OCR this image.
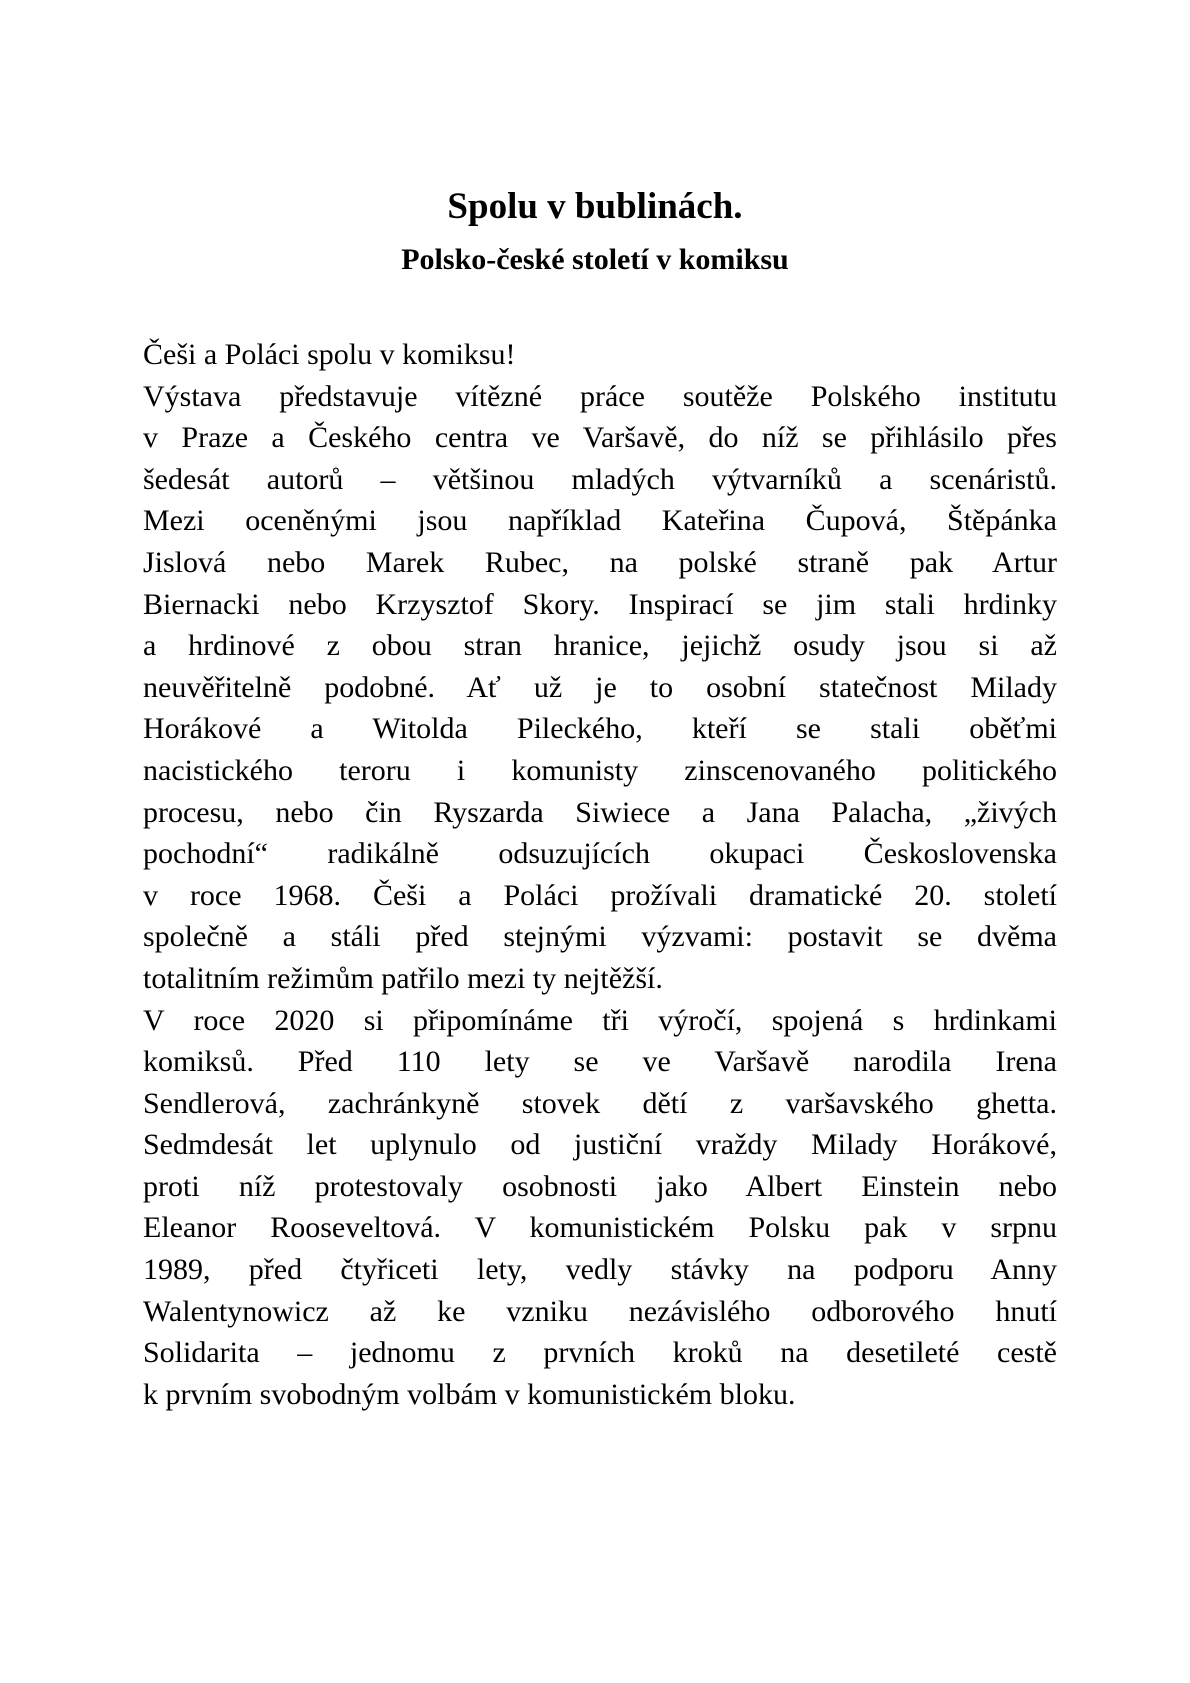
Spolu v bublinách.
Polsko-české století v komiksu
Češi a Poláci spolu v komiksu!
Výstava představuje vítězné práce soutěže Polského institutu
v Praze a Českého centra ve Varšavě, do níž se přihlásilo přes
šedesát autorů – většinou mladých výtvarníků a scenáristů.
Mezi oceněnými jsou například Kateřina Čupová, Štěpánka
Jislová nebo Marek Rubec, na polské straně pak Artur
Biernacki nebo Krzysztof Skory. Inspirací se jim stali hrdinky
a hrdinové z obou stran hranice, jejichž osudy jsou si až
neuvěřitelně podobné. Ať už je to osobní statečnost Milady
Horákové a Witolda Pileckého, kteří se stali oběťmi
nacistického teroru i komunisty zinscenovaného politického
procesu, nebo čin Ryszarda Siwiece a Jana Palacha, „živých
pochodní“ radikálně odsuzujících okupaci Československa
v roce 1968. Češi a Poláci prožívali dramatické 20. století
společně a stáli před stejnými výzvami: postavit se dvěma
totalitním režimům patřilo mezi ty nejtěžší.
V roce 2020 si připomínáme tři výročí, spojená s hrdinkami
komiksů. Před 110 lety se ve Varšavě narodila Irena
Sendlerová, zachránkyně stovek dětí z varšavského ghetta.
Sedmdesát let uplynulo od justiční vraždy Milady Horákové,
proti níž protestovaly osobnosti jako Albert Einstein nebo
Eleanor Rooseveltová. V komunistickém Polsku pak v srpnu
1989, před čtyřiceti lety, vedly stávky na podporu Anny
Walentynowicz až ke vzniku nezávislého odborového hnutí
Solidarita – jednomu z prvních kroků na desetileté cestě
k prvním svobodným volbám v komunistickém bloku.
